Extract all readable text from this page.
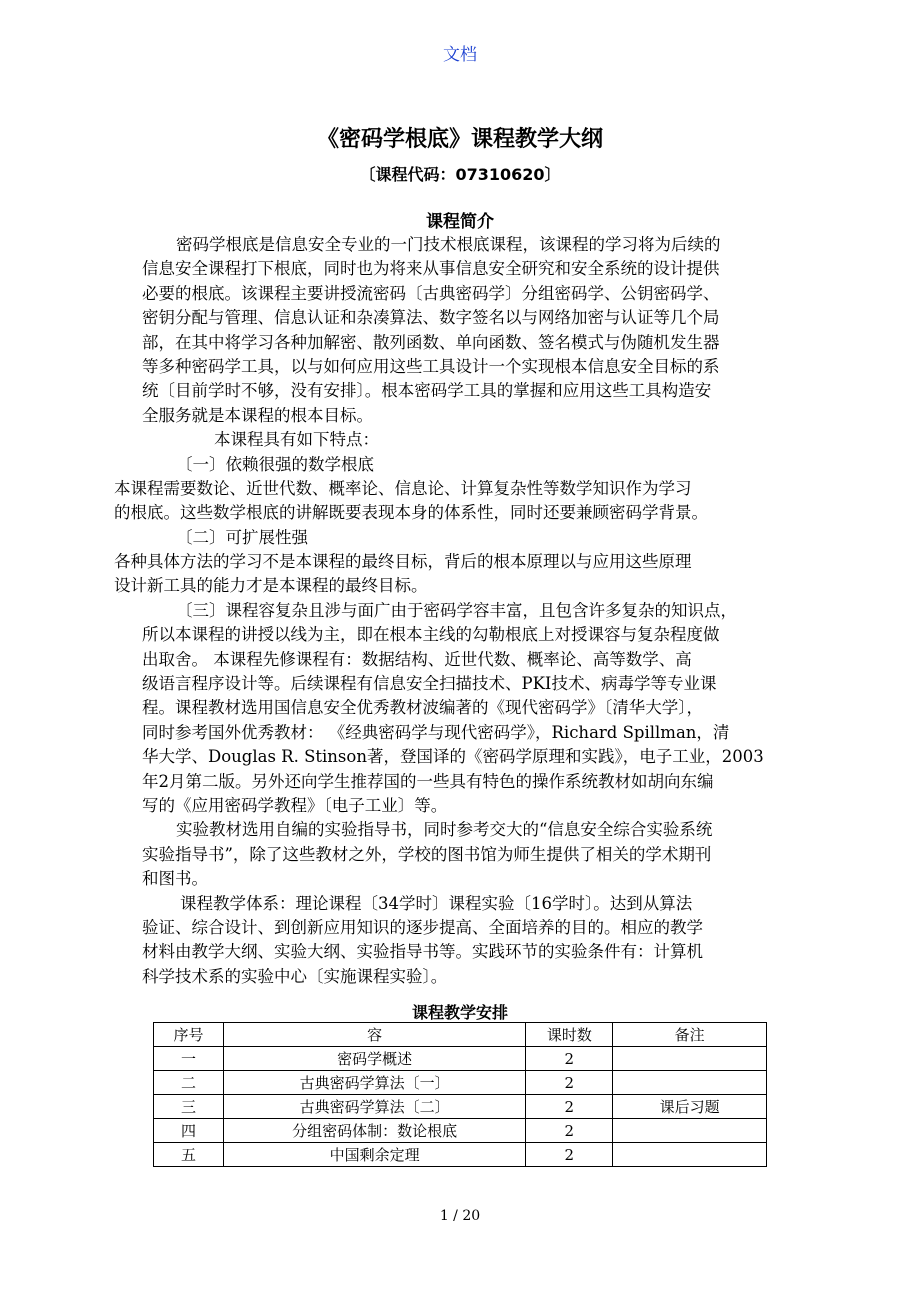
文档
《密码学根底》课程教学大纲
〔课程代码：07310620〕
课程简介
密码学根底是信息安全专业的一门技术根底课程，该课程的学习将为后续的
信息安全课程打下根底，同时也为将来从事信息安全研究和安全系统的设计提供
必要的根底。该课程主要讲授流密码〔古典密码学〕分组密码学、公钥密码学、
密钥分配与管理、信息认证和杂凑算法、数字签名以与网络加密与认证等几个局
部，在其中将学习各种加解密、散列函数、单向函数、签名模式与伪随机发生器
等多种密码学工具，以与如何应用这些工具设计一个实现根本信息安全目标的系
统〔目前学时不够，没有安排〕。根本密码学工具的掌握和应用这些工具构造安
全服务就是本课程的根本目标。
本课程具有如下特点：
〔一〕依赖很强的数学根底
本课程需要数论、近世代数、概率论、信息论、计算复杂性等数学知识作为学习
的根底。这些数学根底的讲解既要表现本身的体系性，同时还要兼顾密码学背景。
〔二〕可扩展性强
各种具体方法的学习不是本课程的最终目标，背后的根本原理以与应用这些原理
设计新工具的能力才是本课程的最终目标。
〔三〕课程容复杂且涉与面广由于密码学容丰富，且包含许多复杂的知识点，
所以本课程的讲授以线为主，即在根本主线的勾勒根底上对授课容与复杂程度做
出取舍。 本课程先修课程有：数据结构、近世代数、概率论、高等数学、高
级语言程序设计等。后续课程有信息安全扫描技术、PKI技术、病毒学等专业课
程。课程教材选用国信息安全优秀教材波编著的《现代密码学》〔清华大学〕，
同时参考国外优秀教材： 《经典密码学与现代密码学》，Richard Spillman，清
华大学、Douglas R. Stinson著，登国译的《密码学原理和实践》，电子工业，2003
年2月第二版。另外还向学生推荐国的一些具有特色的操作系统教材如胡向东编
写的《应用密码学教程》〔电子工业〕等。
实验教材选用自编的实验指导书，同时参考交大的“信息安全综合实验系统
实验指导书”，除了这些教材之外，学校的图书馆为师生提供了相关的学术期刊
和图书。
课程教学体系：理论课程〔34学时〕课程实验〔16学时〕。达到从算法
验证、综合设计、到创新应用知识的逐步提高、全面培养的目的。相应的教学
材料由教学大纲、实验大纲、实验指导书等。实践环节的实验条件有：计算机
科学技术系的实验中心〔实施课程实验〕。
课程教学安排
序号	容	课时数	备注
一	密码学概述	2	
二	古典密码学算法〔一〕	2	
三	古典密码学算法〔二〕	2	课后习题
四	分组密码体制：数论根底	2	
五	中国剩余定理	2	
1 / 20
